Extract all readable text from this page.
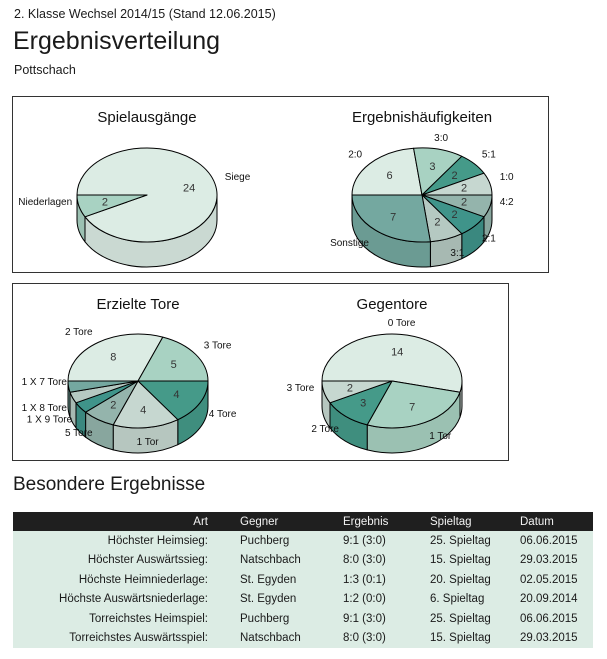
2. Klasse Wechsel 2014/15 (Stand 12.06.2015)
Ergebnisverteilung
Pottschach
Siege
24
Niederlagen	2
Spielausgänge
2:0
6
3:0
3
5:1
2	1:0
2
4:2
2
2:1
2
3:1
2
Sonstige
7
Ergebnishäufigkeiten
2 Tore
8
3 Tore
5
4 Tore
4
1 Tor
4
5 Tore
2
1 X 9 Tore
1 X 8 Tore
1 X 7 Tore
Erzielte Tore
0 Tore
14
1 Tor
7
2 Tore
3
3 Tore	2
Gegentore
Besondere Ergebnisse
Art	Gegner	Ergebnis	Spieltag	Datum
Höchster Heimsieg:	Puchberg	9:1 (3:0)	25. Spieltag	06.06.2015
Höchster Auswärtssieg:	Natschbach	8:0 (3:0)	15. Spieltag	29.03.2015
Höchste Heimniederlage:	St. Egyden	1:3 (0:1)	20. Spieltag	02.05.2015
Höchste Auswärtsniederlage:	St. Egyden	1:2 (0:0)	6. Spieltag	20.09.2014
Torreichstes Heimspiel:	Puchberg	9:1 (3:0)	25. Spieltag	06.06.2015
Torreichstes Auswärtsspiel:	Natschbach	8:0 (3:0)	15. Spieltag	29.03.2015
